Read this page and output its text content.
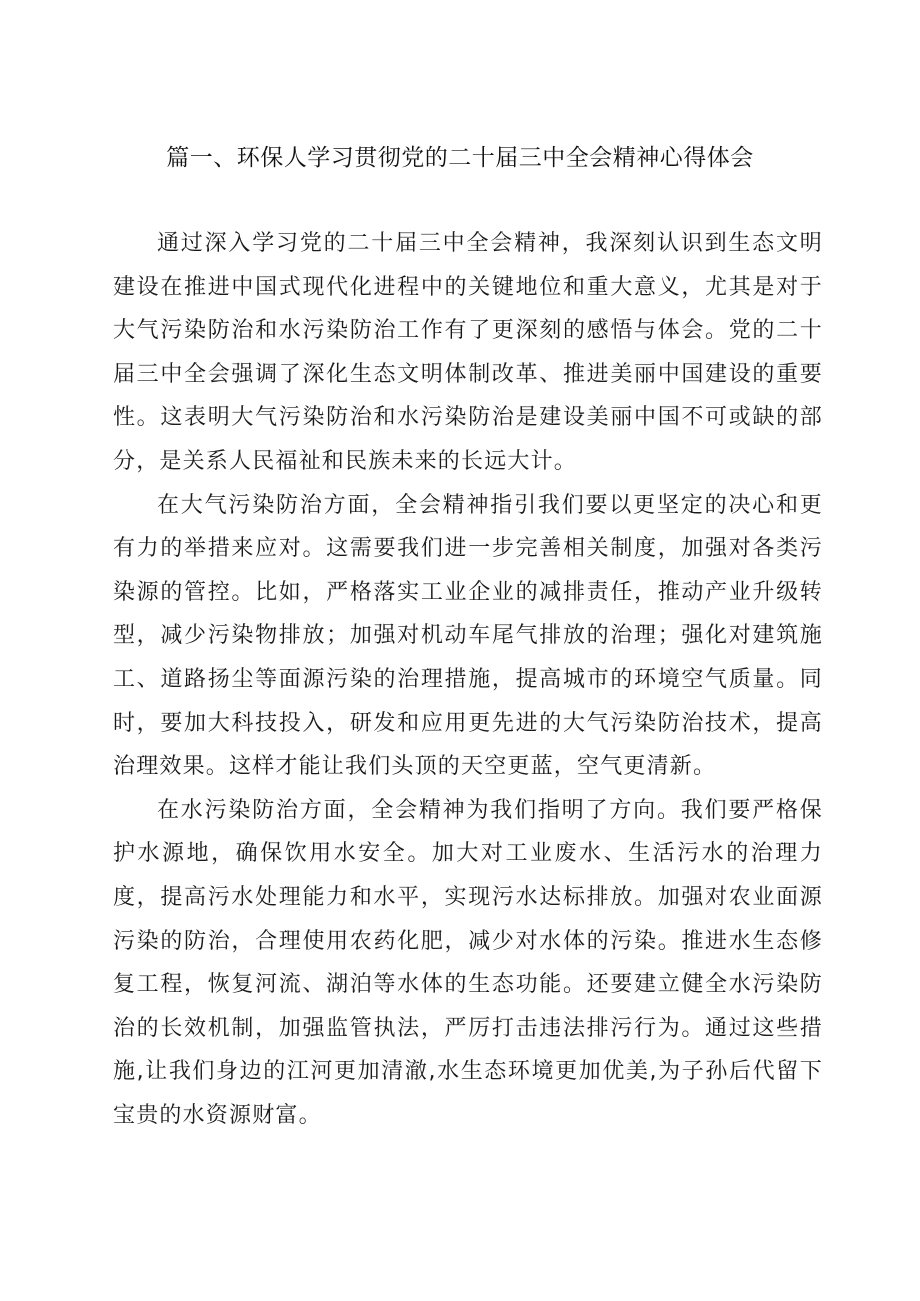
篇一、环保人学习贯彻党的二十届三中全会精神心得体会

通过深入学习党的二十届三中全会精神，我深刻认识到生态文明建设在推进中国式现代化进程中的关键地位和重大意义，尤其是对于大气污染防治和水污染防治工作有了更深刻的感悟与体会。党的二十届三中全会强调了深化生态文明体制改革、推进美丽中国建设的重要性。这表明大气污染防治和水污染防治是建设美丽中国不可或缺的部分，是关系人民福祉和民族未来的长远大计。

在大气污染防治方面，全会精神指引我们要以更坚定的决心和更有力的举措来应对。这需要我们进一步完善相关制度，加强对各类污染源的管控。比如，严格落实工业企业的减排责任，推动产业升级转型，减少污染物排放；加强对机动车尾气排放的治理；强化对建筑施工、道路扬尘等面源污染的治理措施，提高城市的环境空气质量。同时，要加大科技投入，研发和应用更先进的大气污染防治技术，提高治理效果。这样才能让我们头顶的天空更蓝，空气更清新。

在水污染防治方面，全会精神为我们指明了方向。我们要严格保护水源地，确保饮用水安全。加大对工业废水、生活污水的治理力度，提高污水处理能力和水平，实现污水达标排放。加强对农业面源污染的防治，合理使用农药化肥，减少对水体的污染。推进水生态修复工程，恢复河流、湖泊等水体的生态功能。还要建立健全水污染防治的长效机制，加强监管执法，严厉打击违法排污行为。通过这些措施,让我们身边的江河更加清澈,水生态环境更加优美,为子孙后代留下宝贵的水资源财富。
